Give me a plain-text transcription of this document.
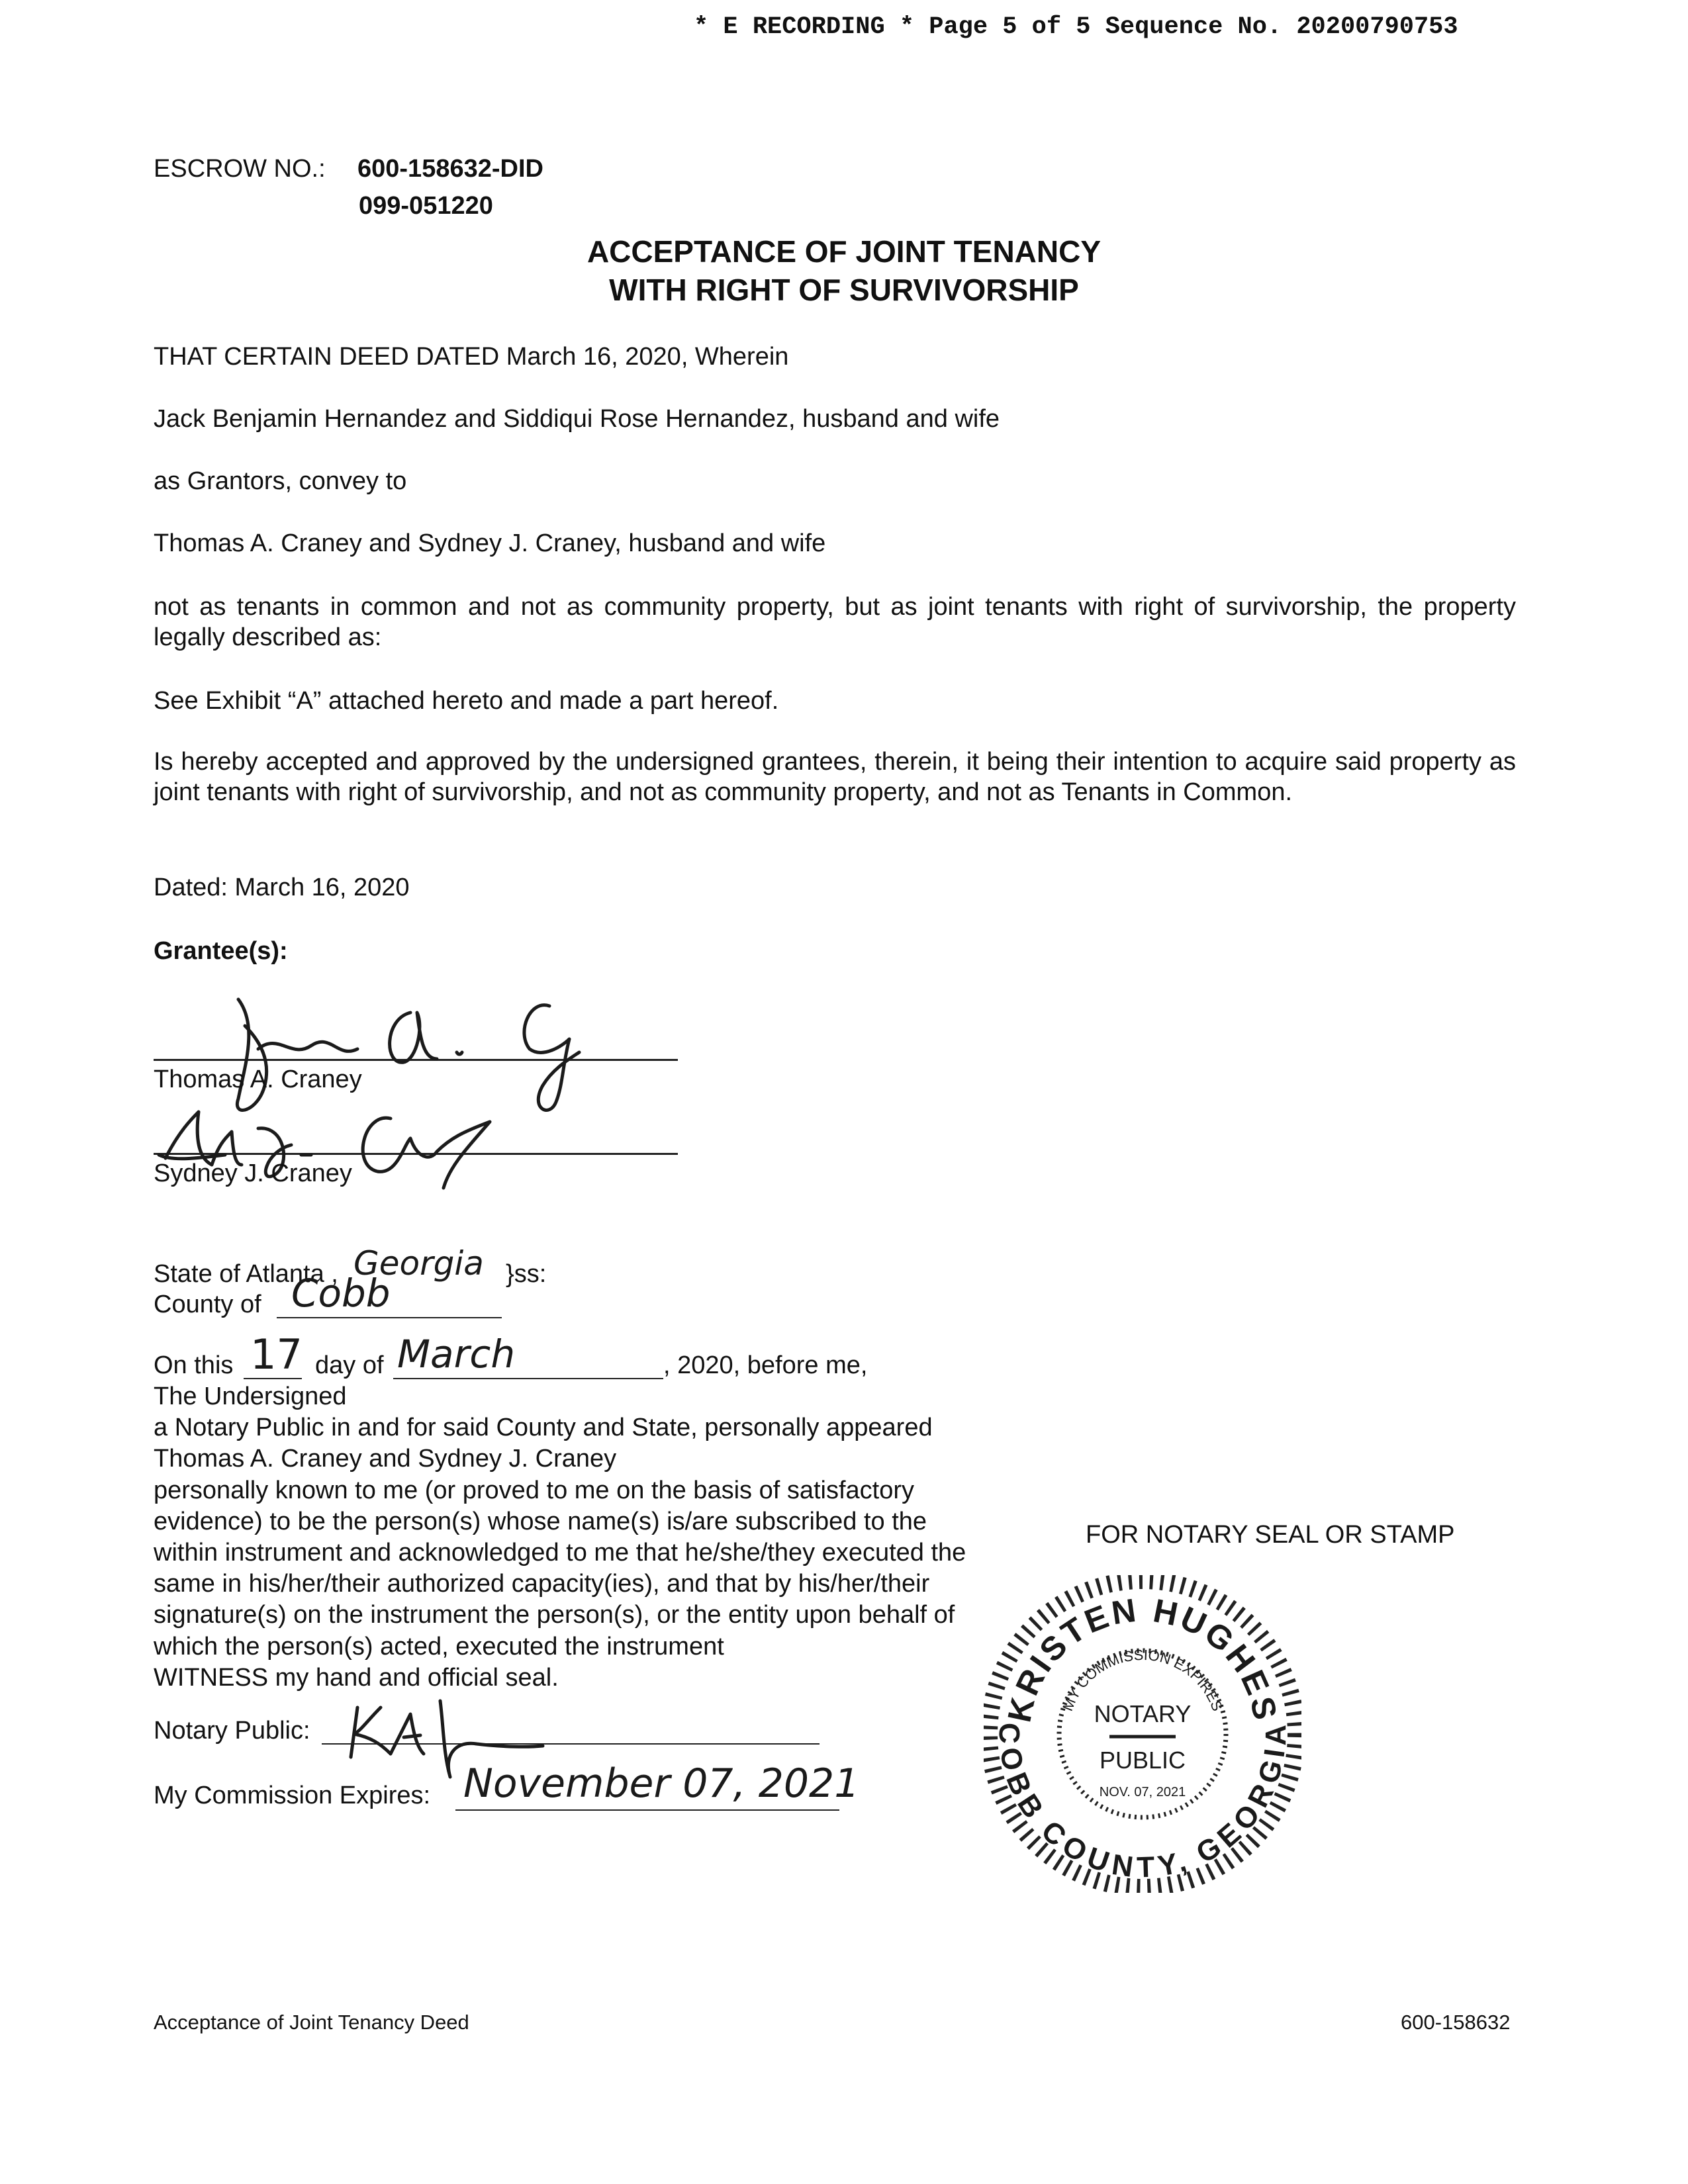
* E RECORDING * Page 5 of 5 Sequence No. 20200790753
ESCROW NO.: 600-158632-DID
099-051220
ACCEPTANCE OF JOINT TENANCY
WITH RIGHT OF SURVIVORSHIP
THAT CERTAIN DEED DATED March 16, 2020, Wherein
Jack Benjamin Hernandez and Siddiqui Rose Hernandez, husband and wife
as Grantors, convey to
Thomas A. Craney and Sydney J. Craney, husband and wife
not as tenants in common and not as community property, but as joint tenants with right of survivorship, the property legally described as:
See Exhibit “A” attached hereto and made a part hereof.
Is hereby accepted and approved by the undersigned grantees, therein, it being their intention to acquire said property as joint tenants with right of survivorship, and not as community property, and not as Tenants in Common.
Dated: March 16, 2020
Grantee(s):
Thomas A. Craney
Sydney J. Craney
State of Atlanta , Georgia }ss:
County of Cobb
On this 17 day of March	, 2020, before me,
The Undersigned
a Notary Public in and for said County and State, personally appeared
Thomas A. Craney and Sydney J. Craney
personally known to me (or proved to me on the basis of satisfactory
evidence) to be the person(s) whose name(s) is/are subscribed to the
within instrument and acknowledged to me that he/she/they executed the
same in his/her/their authorized capacity(ies), and that by his/her/their
signature(s) on the instrument the person(s), or the entity upon behalf of
which the person(s) acted, executed the instrument
WITNESS my hand and official seal.
Notary Public:
My Commission Expires: November 07, 2021
FOR NOTARY SEAL OR STAMP
KRISTEN HUGHES
COBB COUNTY, GEORGIA
MY COMMISSION EXPIRES
NOTARY
PUBLIC
NOV. 07, 2021
Acceptance of Joint Tenancy Deed	600-158632
